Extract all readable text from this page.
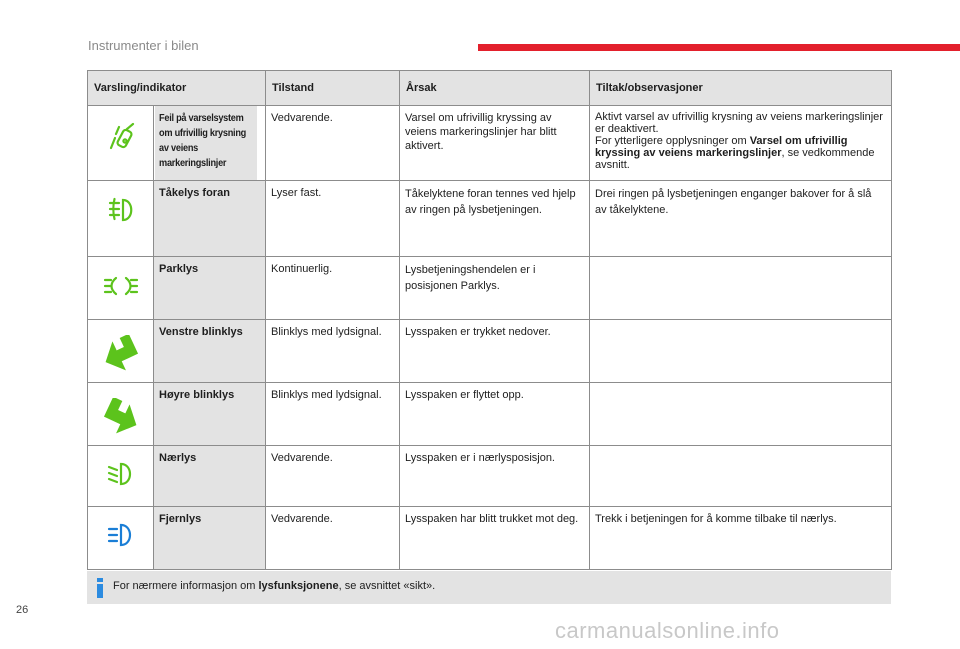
Instrumenter i bilen
Varsling/indikator		Tilstand	Årsak	Tiltak/observasjoner

	Feil på varselsystem om ufrivillig krysning av veiens markeringslinjer	Vedvarende.	Varsel om ufrivillig kryssing av veiens markeringslinjer har blitt aktivert.	Aktivt varsel av ufrivillig krysning av veiens markeringslinjer er deaktivert.
For ytterligere opplysninger om Varsel om ufrivillig kryssing av veiens markeringslinjer, se vedkommende avsnitt.

	Tåkelys foran	Lyser fast.	Tåkelyktene foran tennes ved hjelp av ringen på lysbetjeningen.	Drei ringen på lysbetjeningen enganger bakover for å slå av tåkelyktene.

	Parklys	Kontinuerlig.	Lysbetjeningshendelen er i posisjonen Parklys.	

	Venstre blinklys	Blinklys med lydsignal.	Lysspaken er trykket nedover.	

	Høyre blinklys	Blinklys med lydsignal.	Lysspaken er flyttet opp.	

	Nærlys	Vedvarende.	Lysspaken er i nærlysposisjon.	

	Fjernlys	Vedvarende.	Lysspaken har blitt trukket mot deg.	Trekk i betjeningen for å komme tilbake til nærlys.
For nærmere informasjon om lysfunksjonene, se avsnittet «sikt».
26
carmanualsonline.info
